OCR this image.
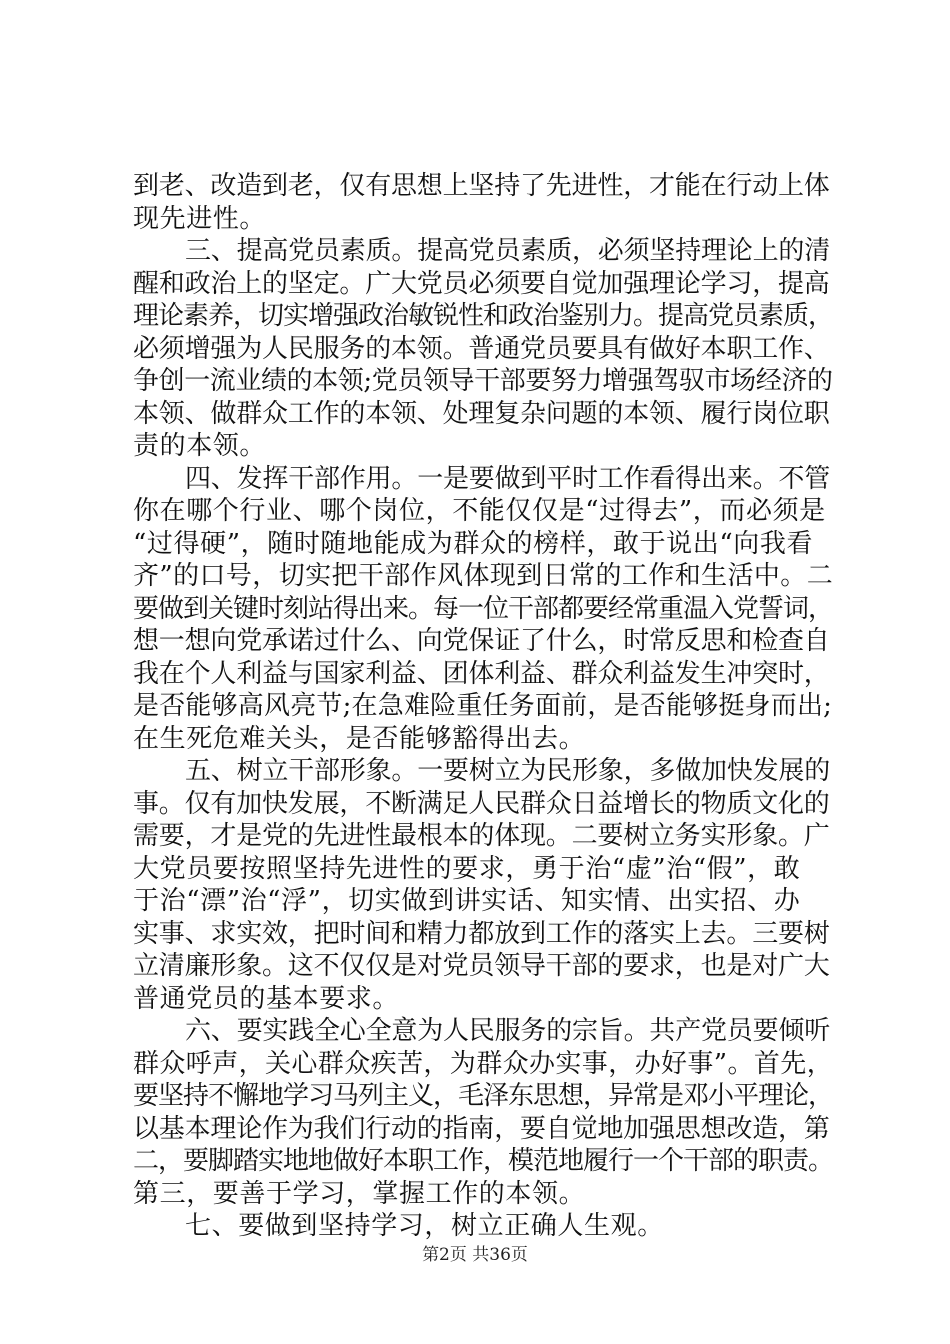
到老、改造到老，仅有思想上坚持了先进性，才能在行动上体
现先进性。
三、提高党员素质。提高党员素质，必须坚持理论上的清
醒和政治上的坚定。广大党员必须要自觉加强理论学习，提高
理论素养，切实增强政治敏锐性和政治鉴别力。提高党员素质，
必须增强为人民服务的本领。普通党员要具有做好本职工作、
争创一流业绩的本领;党员领导干部要努力增强驾驭市场经济的
本领、做群众工作的本领、处理复杂问题的本领、履行岗位职
责的本领。
四、发挥干部作用。一是要做到平时工作看得出来。不管
你在哪个行业、哪个岗位，不能仅仅是“过得去”，而必须是
“过得硬”，随时随地能成为群众的榜样，敢于说出“向我看
齐”的口号，切实把干部作风体现到日常的工作和生活中。二
要做到关键时刻站得出来。每一位干部都要经常重温入党誓词，
想一想向党承诺过什么、向党保证了什么，时常反思和检查自
我在个人利益与国家利益、团体利益、群众利益发生冲突时，
是否能够高风亮节;在急难险重任务面前，是否能够挺身而出;
在生死危难关头，是否能够豁得出去。
五、树立干部形象。一要树立为民形象，多做加快发展的
事。仅有加快发展，不断满足人民群众日益增长的物质文化的
需要，才是党的先进性最根本的体现。二要树立务实形象。广
大党员要按照坚持先进性的要求，勇于治“虚”治“假”，敢
于治“漂”治“浮”，切实做到讲实话、知实情、出实招、办
实事、求实效，把时间和精力都放到工作的落实上去。三要树
立清廉形象。这不仅仅是对党员领导干部的要求，也是对广大
普通党员的基本要求。
六、要实践全心全意为人民服务的宗旨。共产党员要倾听
群众呼声，关心群众疾苦，为群众办实事，办好事”。首先，
要坚持不懈地学习马列主义，毛泽东思想，异常是邓小平理论，
以基本理论作为我们行动的指南，要自觉地加强思想改造，第
二，要脚踏实地地做好本职工作，模范地履行一个干部的职责。
第三，要善于学习，掌握工作的本领。
七、要做到坚持学习，树立正确人生观。
第2页 共36页
